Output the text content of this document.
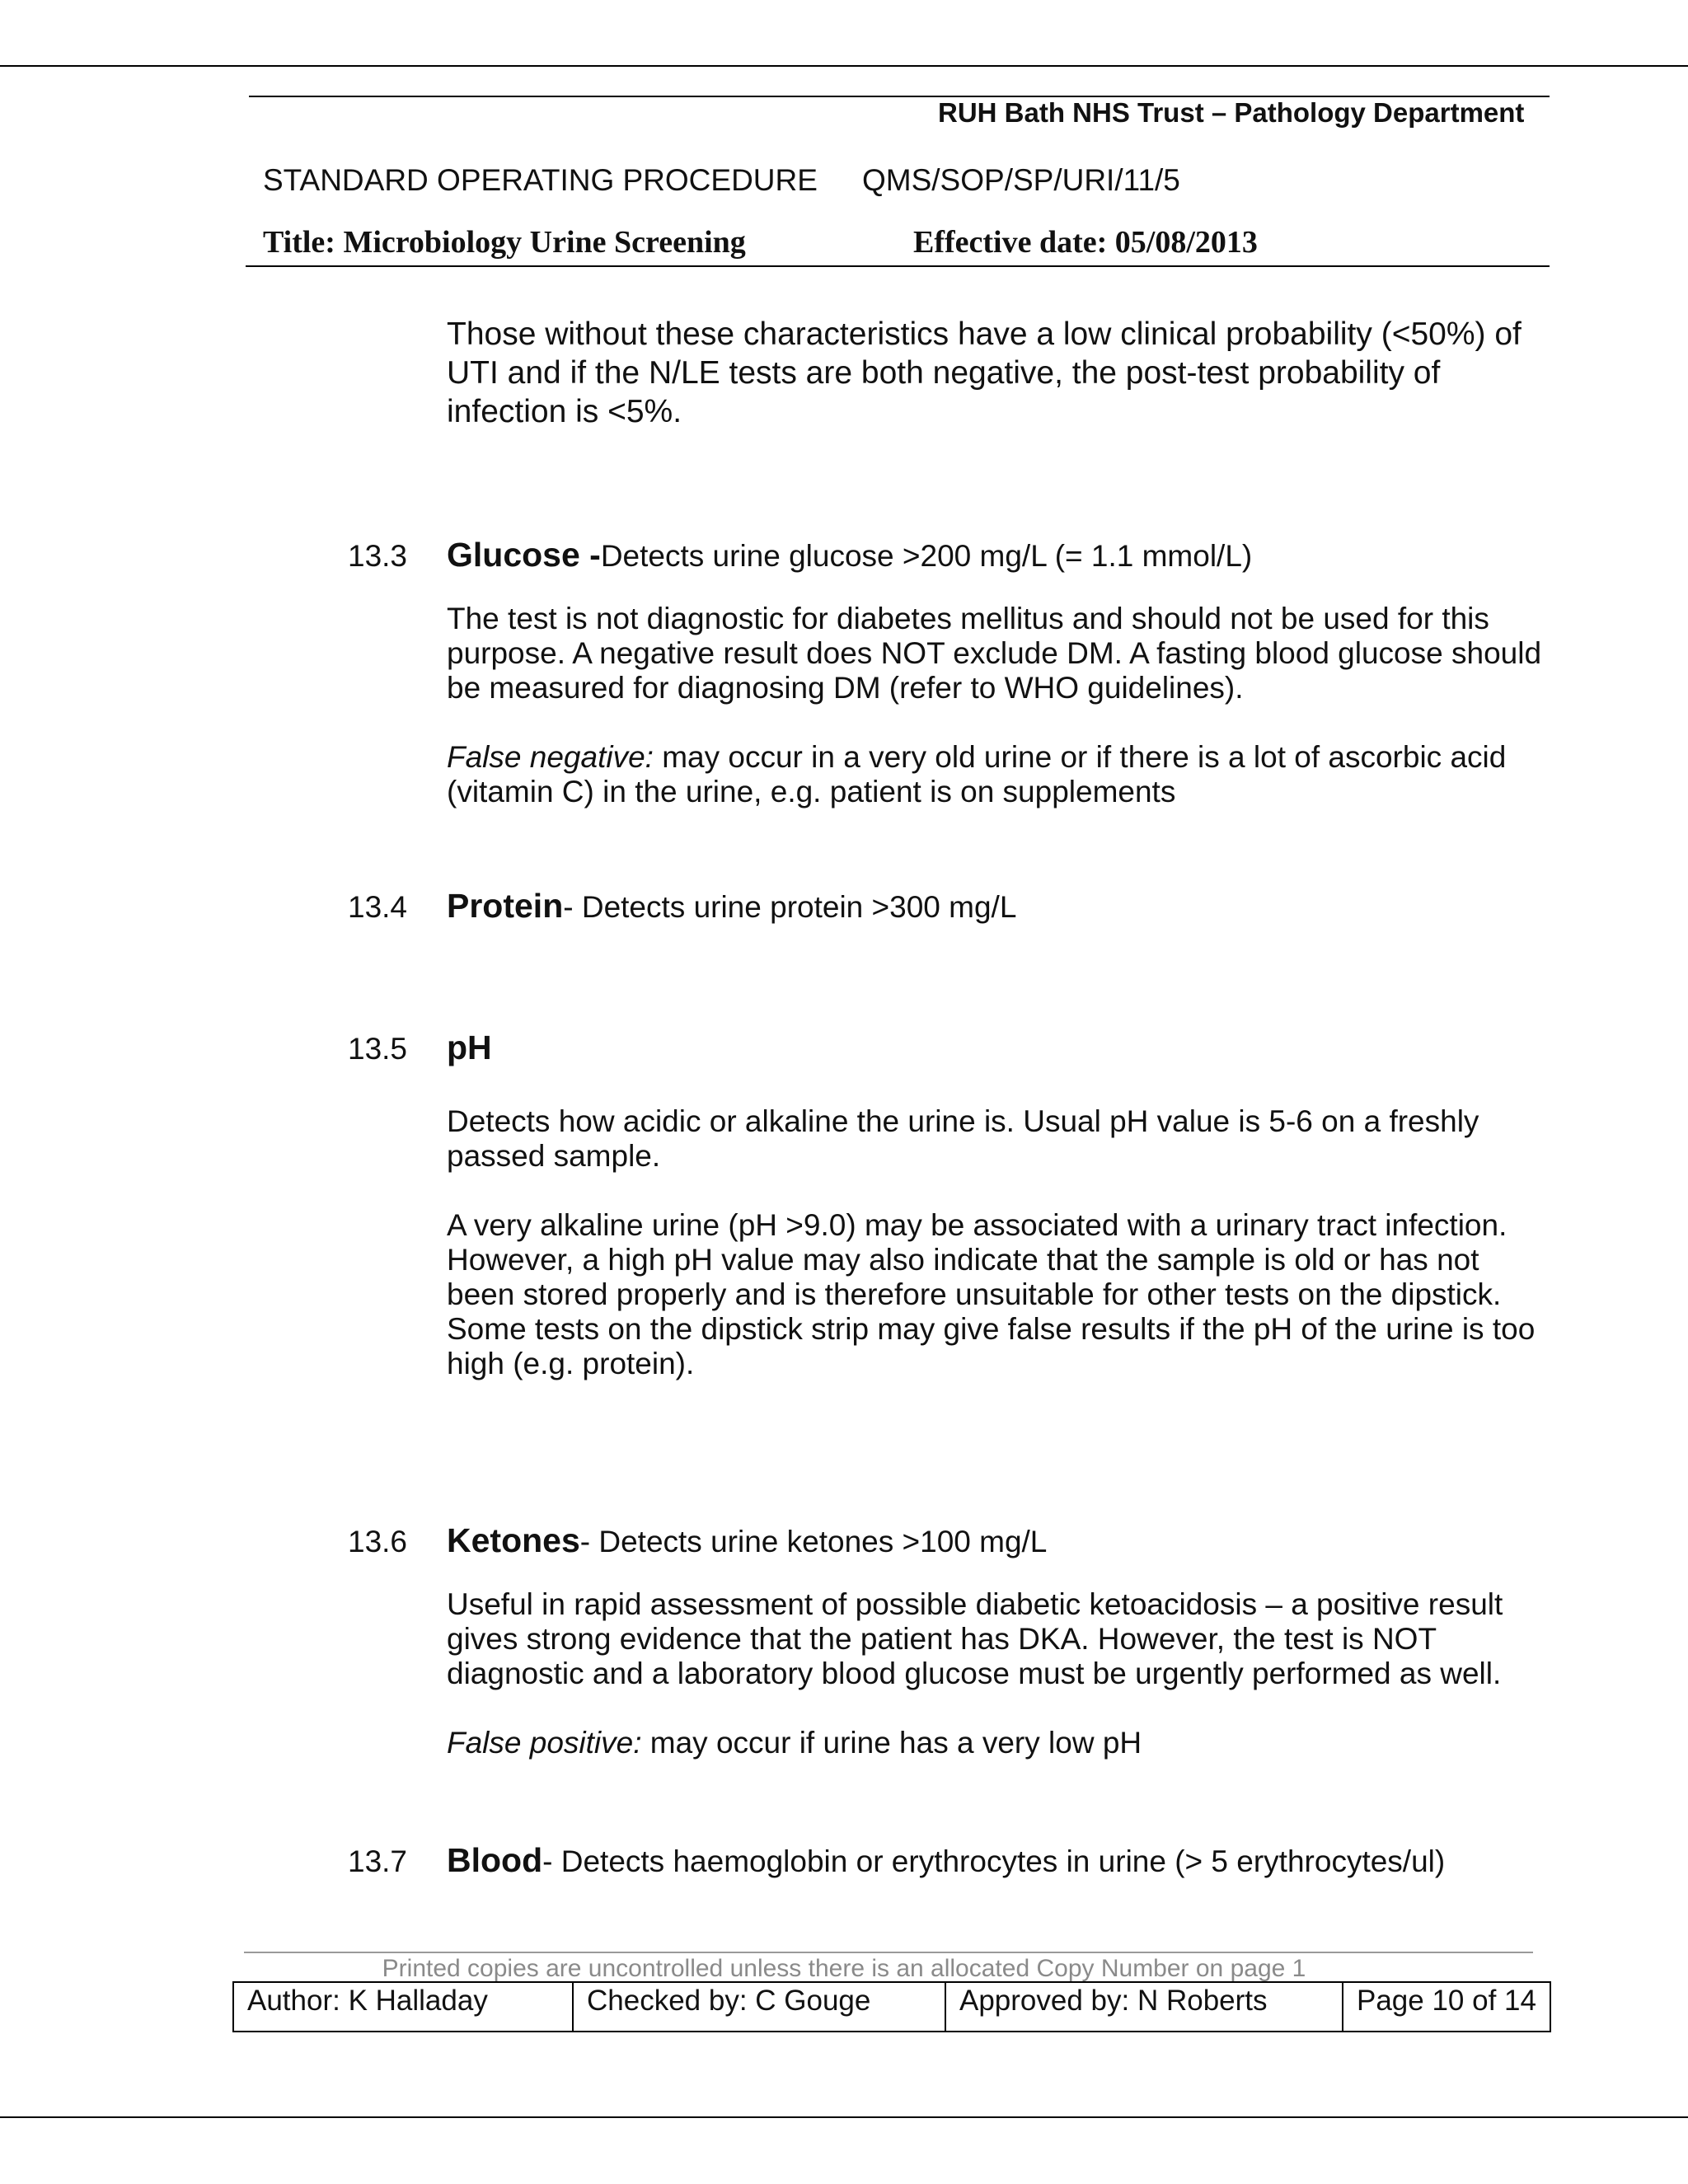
RUH Bath NHS Trust – Pathology Department
STANDARD OPERATING PROCEDURE QMS/SOP/SP/URI/11/5
Title: Microbiology Urine Screening	Effective date: 05/08/2013
Those without these characteristics have a low clinical probability (<50%) of UTI and if the N/LE tests are both negative, the post-test probability of infection is <5%.
13.3	Glucose - Detects urine glucose >200 mg/L (= 1.1 mmol/L)
The test is not diagnostic for diabetes mellitus and should not be used for this purpose. A negative result does NOT exclude DM. A fasting blood glucose should be measured for diagnosing DM (refer to WHO guidelines).
False negative: may occur in a very old urine or if there is a lot of ascorbic acid (vitamin C) in the urine, e.g. patient is on supplements
13.4	Protein - Detects urine protein >300 mg/L
13.5	pH
Detects how acidic or alkaline the urine is. Usual pH value is 5-6 on a freshly passed sample.
A very alkaline urine (pH >9.0) may be associated with a urinary tract infection. However, a high pH value may also indicate that the sample is old or has not been stored properly and is therefore unsuitable for other tests on the dipstick. Some tests on the dipstick strip may give false results if the pH of the urine is too high (e.g. protein).
13.6	Ketones - Detects urine ketones >100 mg/L
Useful in rapid assessment of possible diabetic ketoacidosis – a positive result gives strong evidence that the patient has DKA. However, the test is NOT diagnostic and a laboratory blood glucose must be urgently performed as well.
False positive: may occur if urine has a very low pH
13.7	Blood - Detects haemoglobin or erythrocytes in urine (> 5 erythrocytes/ul)
Printed copies are uncontrolled unless there is an allocated Copy Number on page 1
Author: K Halladay	Checked by: C Gouge	Approved by: N Roberts	Page 10 of 14
